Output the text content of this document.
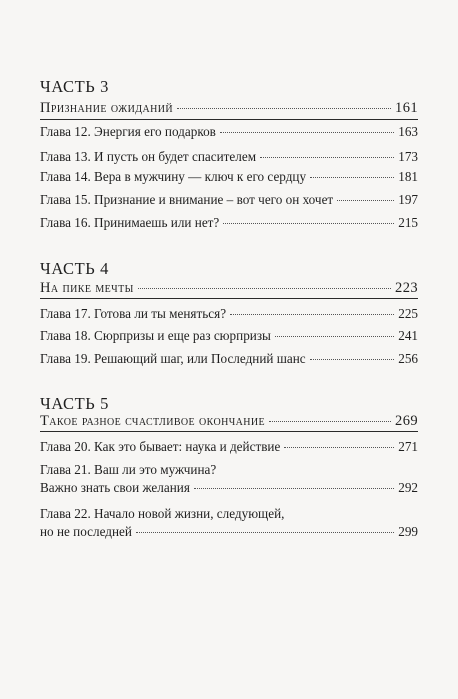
ЧАСТЬ 3
Признание ожиданий	161
Глава 12. Энергия его подарков	163
Глава 13. И пусть он будет спасителем	173
Глава 14. Вера в мужчину — ключ к его сердцу	181
Глава 15. Признание и внимание – вот чего он хочет	197
Глава 16. Принимаешь или нет?	215
ЧАСТЬ 4
На пике мечты	223
Глава 17. Готова ли ты меняться?	225
Глава 18. Сюрпризы и еще раз сюрпризы	241
Глава 19. Решающий шаг, или Последний шанс	256
ЧАСТЬ 5
Такое разное счастливое окончание	269
Глава 20. Как это бывает: наука и действие	271
Глава 21. Ваш ли это мужчина?
Важно знать свои желания	292
Глава 22. Начало новой жизни, следующей,
но не последней	299
